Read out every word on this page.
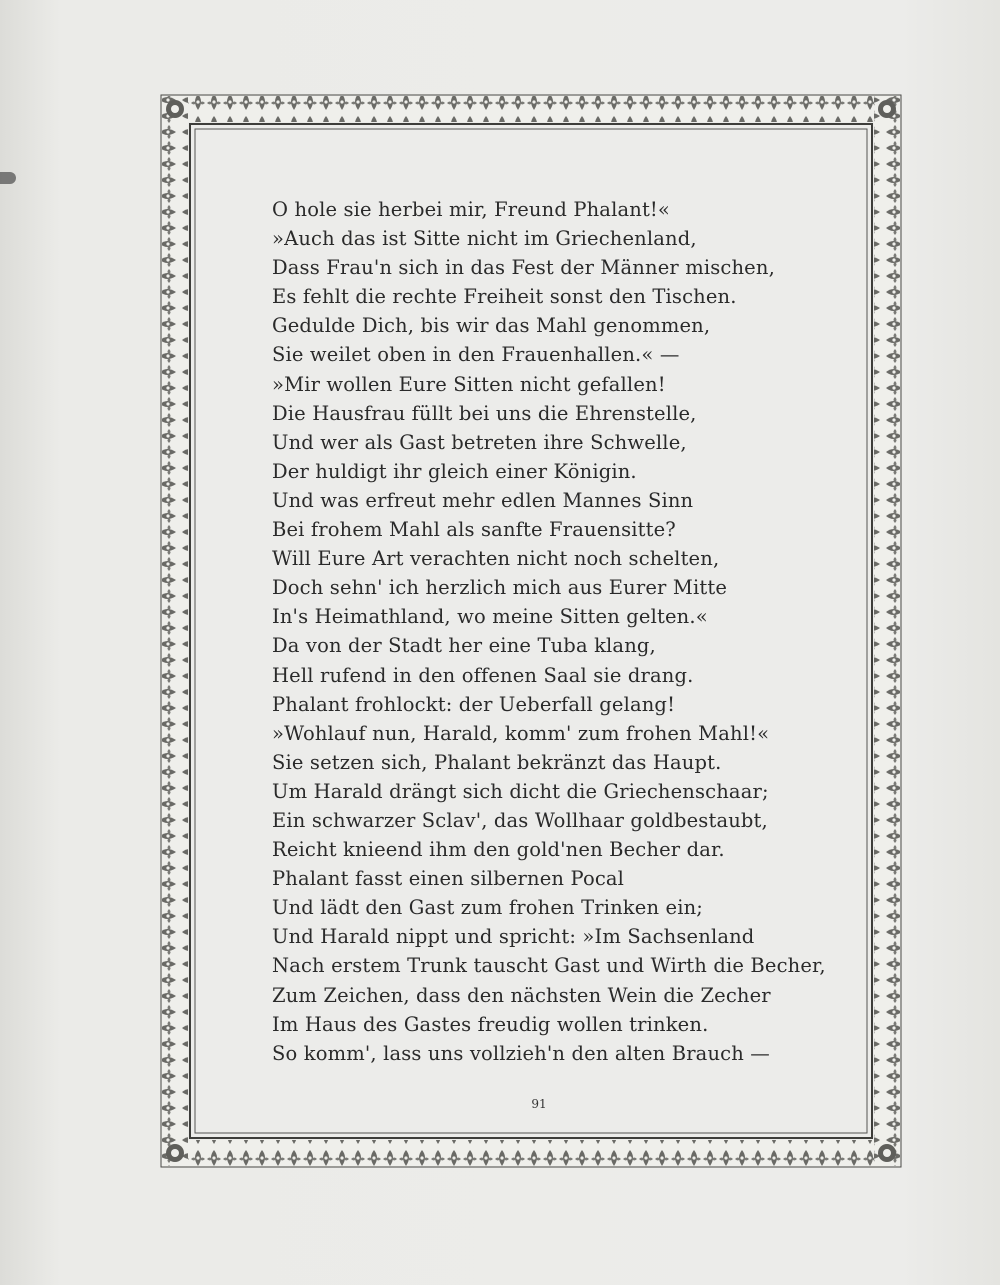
O hole sie herbei mir, Freund Phalant!«
»Auch das ist Sitte nicht im Griechenland,
Dass Frau'n sich in das Fest der Männer mischen,
Es fehlt die rechte Freiheit sonst den Tischen.
Gedulde Dich, bis wir das Mahl genommen,
Sie weilet oben in den Frauenhallen.« —
»Mir wollen Eure Sitten nicht gefallen!
Die Hausfrau füllt bei uns die Ehrenstelle,
Und wer als Gast betreten ihre Schwelle,
Der huldigt ihr gleich einer Königin.
Und was erfreut mehr edlen Mannes Sinn
Bei frohem Mahl als sanfte Frauensitte?
Will Eure Art verachten nicht noch schelten,
Doch sehn' ich herzlich mich aus Eurer Mitte
In's Heimathland, wo meine Sitten gelten.«
Da von der Stadt her eine Tuba klang,
Hell rufend in den offenen Saal sie drang.
Phalant frohlockt: der Ueberfall gelang!
»Wohlauf nun, Harald, komm' zum frohen Mahl!«
Sie setzen sich, Phalant bekränzt das Haupt.
Um Harald drängt sich dicht die Griechenschaar;
Ein schwarzer Sclav', das Wollhaar goldbestaubt,
Reicht knieend ihm den gold'nen Becher dar.
Phalant fasst einen silbernen Pocal
Und lädt den Gast zum frohen Trinken ein;
Und Harald nippt und spricht: »Im Sachsenland
Nach erstem Trunk tauscht Gast und Wirth die Becher,
Zum Zeichen, dass den nächsten Wein die Zecher
Im Haus des Gastes freudig wollen trinken.
So komm', lass uns vollzieh'n den alten Brauch —
91
